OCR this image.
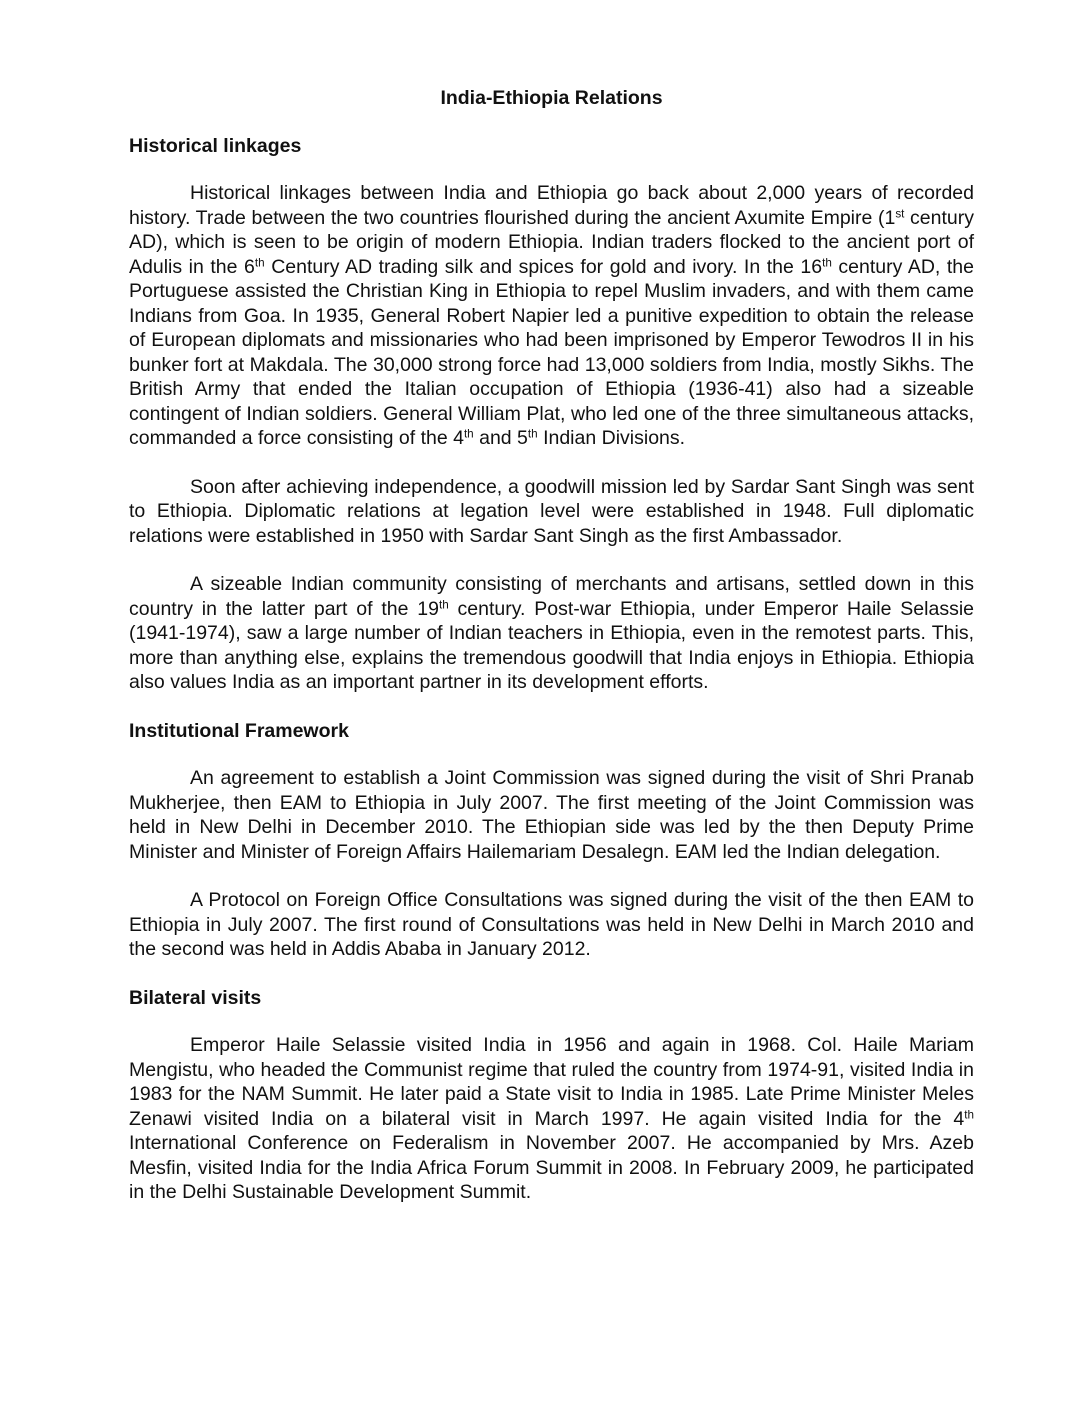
India-Ethiopia Relations
Historical linkages

Historical linkages between India and Ethiopia go back about 2,000 years of recorded history. Trade between the two countries flourished during the ancient Axumite Empire (1st century AD), which is seen to be origin of modern Ethiopia. Indian traders flocked to the ancient port of Adulis in the 6th Century AD trading silk and spices for gold and ivory. In the 16th century AD, the Portuguese assisted the Christian King in Ethiopia to repel Muslim invaders, and with them came Indians from Goa. In 1935, General Robert Napier led a punitive expedition to obtain the release of European diplomats and missionaries who had been imprisoned by Emperor Tewodros II in his bunker fort at Makdala. The 30,000 strong force had 13,000 soldiers from India, mostly Sikhs. The British Army that ended the Italian occupation of Ethiopia (1936-41) also had a sizeable contingent of Indian soldiers. General William Plat, who led one of the three simultaneous attacks, commanded a force consisting of the 4th and 5th Indian Divisions.

Soon after achieving independence, a goodwill mission led by Sardar Sant Singh was sent to Ethiopia. Diplomatic relations at legation level were established in 1948. Full diplomatic relations were established in 1950 with Sardar Sant Singh as the first Ambassador.

A sizeable Indian community consisting of merchants and artisans, settled down in this country in the latter part of the 19th century. Post-war Ethiopia, under Emperor Haile Selassie (1941-1974), saw a large number of Indian teachers in Ethiopia, even in the remotest parts. This, more than anything else, explains the tremendous goodwill that India enjoys in Ethiopia. Ethiopia also values India as an important partner in its development efforts.

Institutional Framework

An agreement to establish a Joint Commission was signed during the visit of Shri Pranab Mukherjee, then EAM to Ethiopia in July 2007. The first meeting of the Joint Commission was held in New Delhi in December 2010. The Ethiopian side was led by the then Deputy Prime Minister and Minister of Foreign Affairs Hailemariam Desalegn. EAM led the Indian delegation.

A Protocol on Foreign Office Consultations was signed during the visit of the then EAM to Ethiopia in July 2007. The first round of Consultations was held in New Delhi in March 2010 and the second was held in Addis Ababa in January 2012.

Bilateral visits

Emperor Haile Selassie visited India in 1956 and again in 1968. Col. Haile Mariam Mengistu, who headed the Communist regime that ruled the country from 1974-91, visited India in 1983 for the NAM Summit. He later paid a State visit to India in 1985. Late Prime Minister Meles Zenawi visited India on a bilateral visit in March 1997. He again visited India for the 4th International Conference on Federalism in November 2007. He accompanied by Mrs. Azeb Mesfin, visited India for the India Africa Forum Summit in 2008. In February 2009, he participated in the Delhi Sustainable Development Summit.
